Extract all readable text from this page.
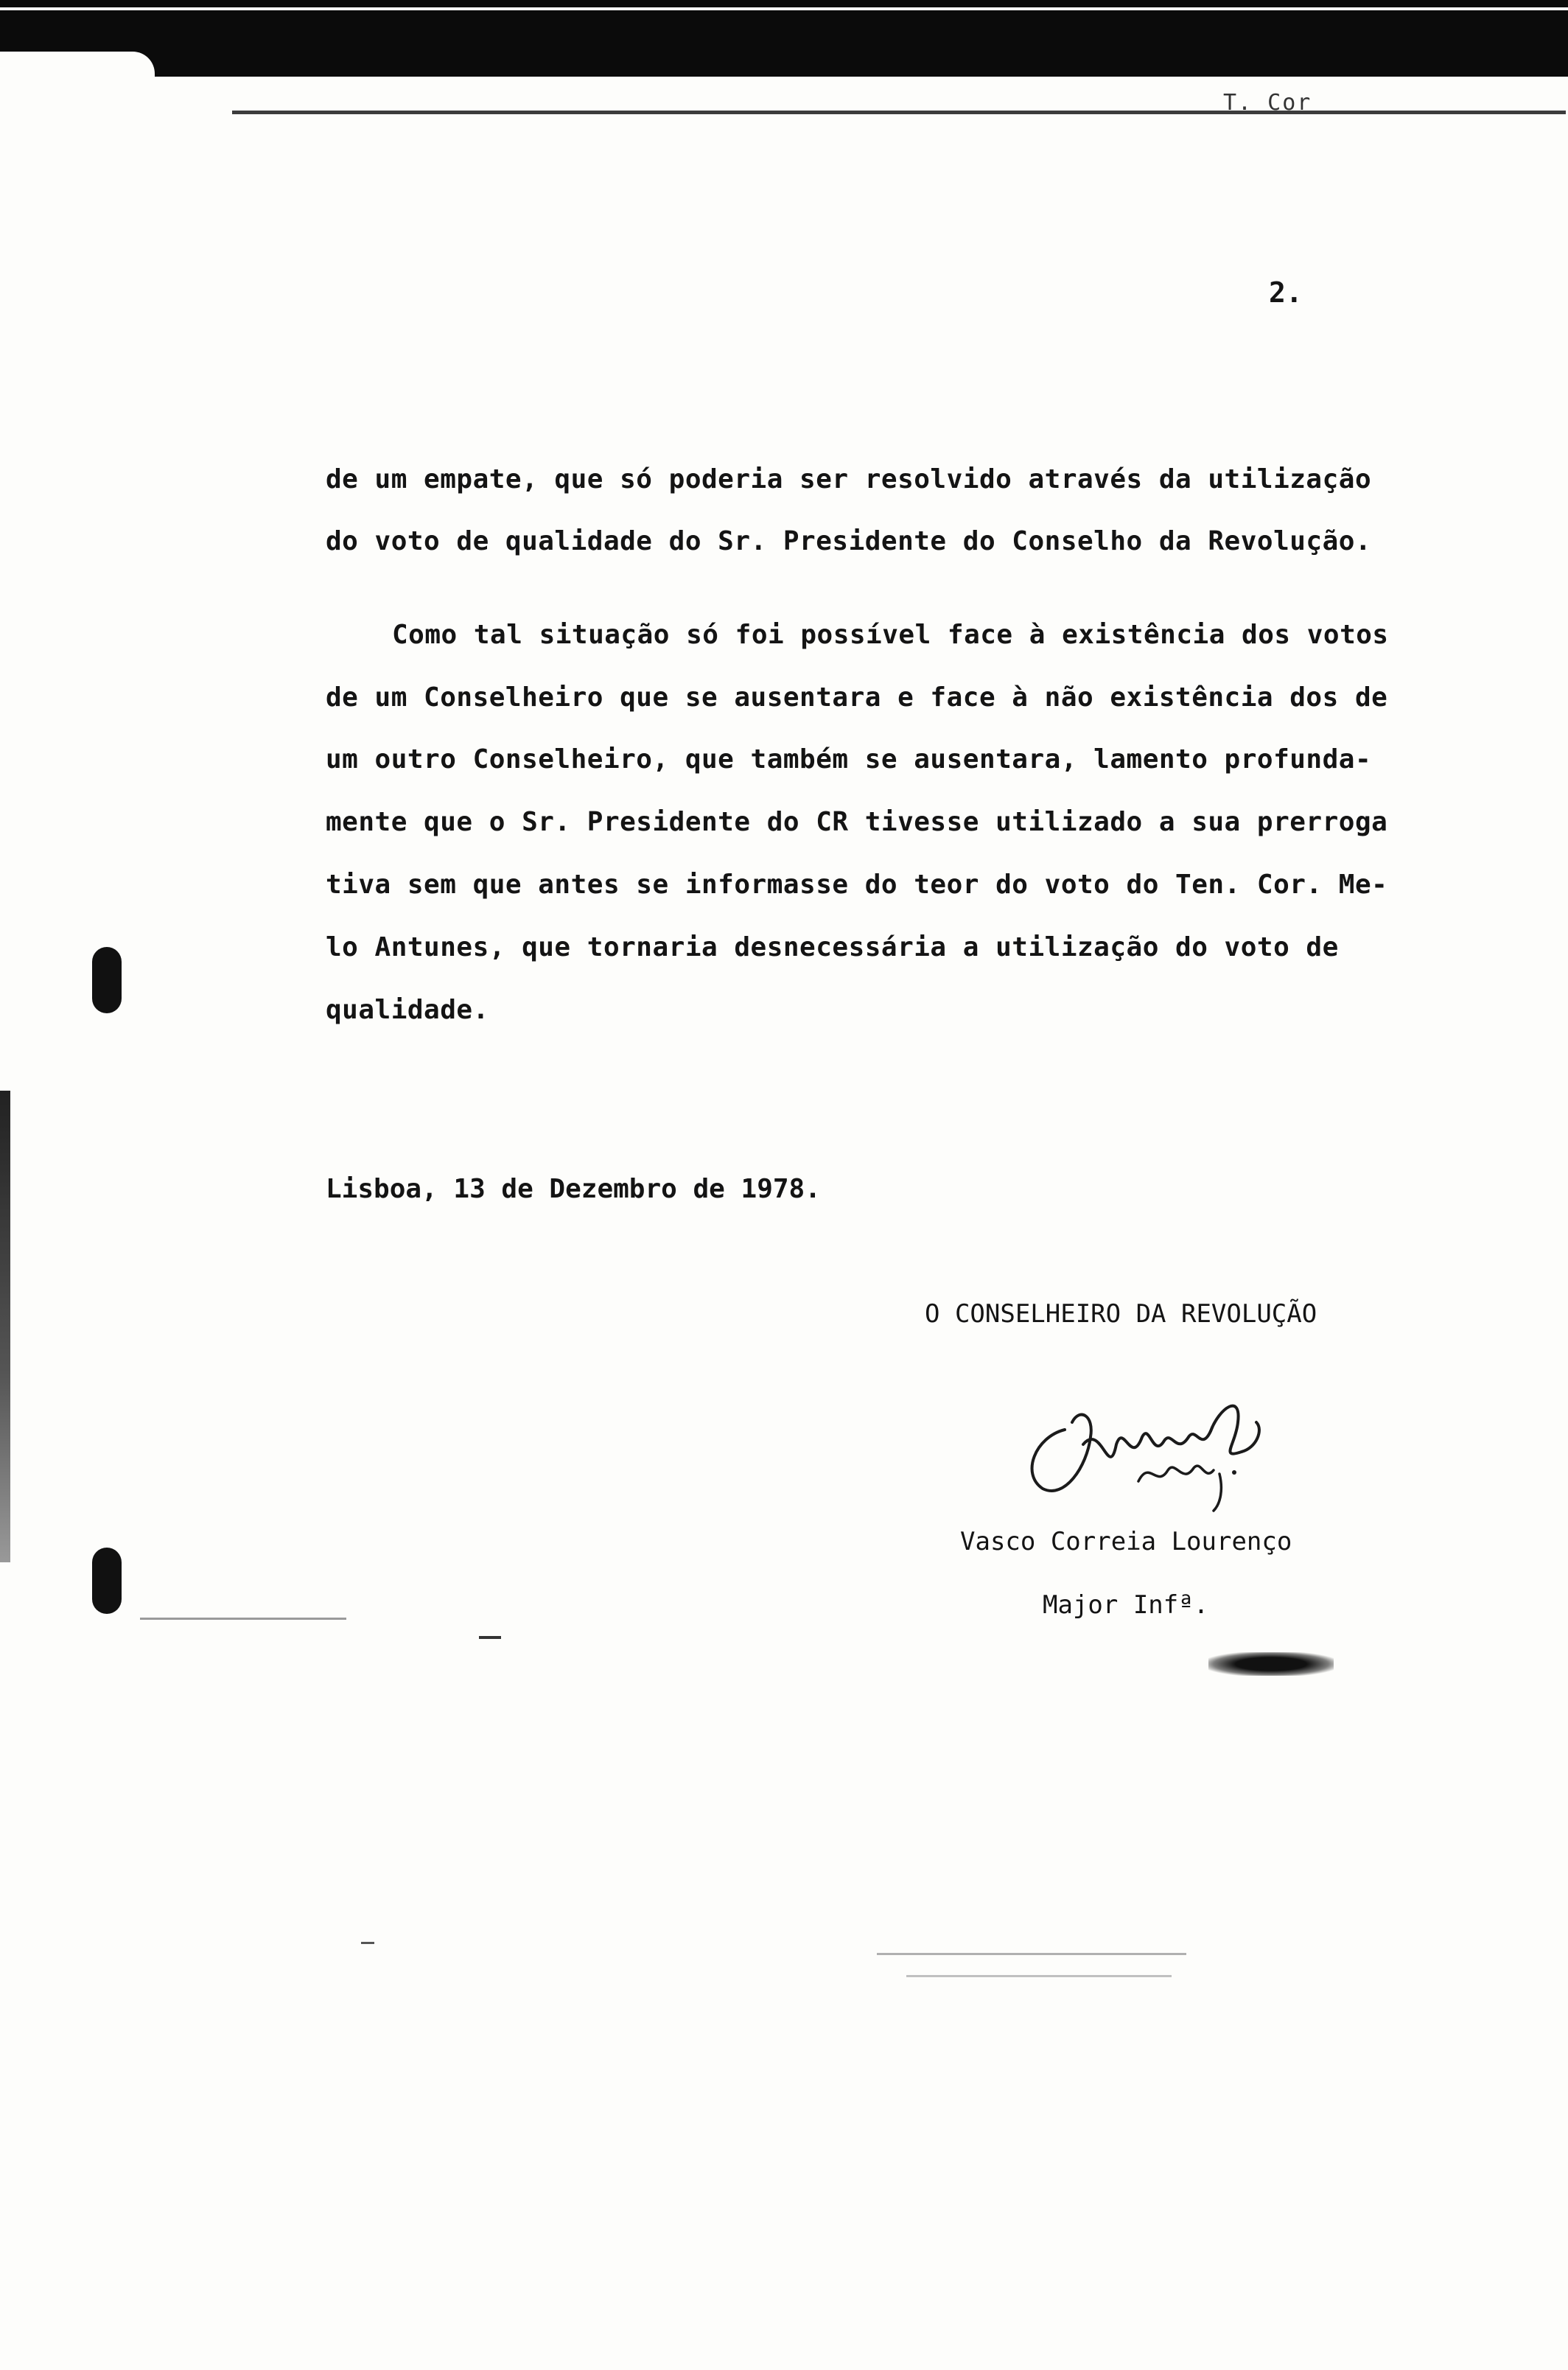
T. Cor
2.
de um empate, que só poderia ser resolvido através da utilização
do voto de qualidade do Sr. Presidente do Conselho da Revolução.
Como tal situação só foi possível face à existência dos votos
de um Conselheiro que se ausentara e face à não existência dos de
um outro Conselheiro, que também se ausentara, lamento profunda-
mente que o Sr. Presidente do CR tivesse utilizado a sua prerroga
tiva sem que antes se informasse do teor do voto do Ten. Cor. Me-
lo Antunes, que tornaria desnecessária a utilização do voto de
qualidade.
Lisboa, 13 de Dezembro de 1978.
O CONSELHEIRO DA REVOLUÇÃO
Vasco Correia Lourenço
Major Infª.
